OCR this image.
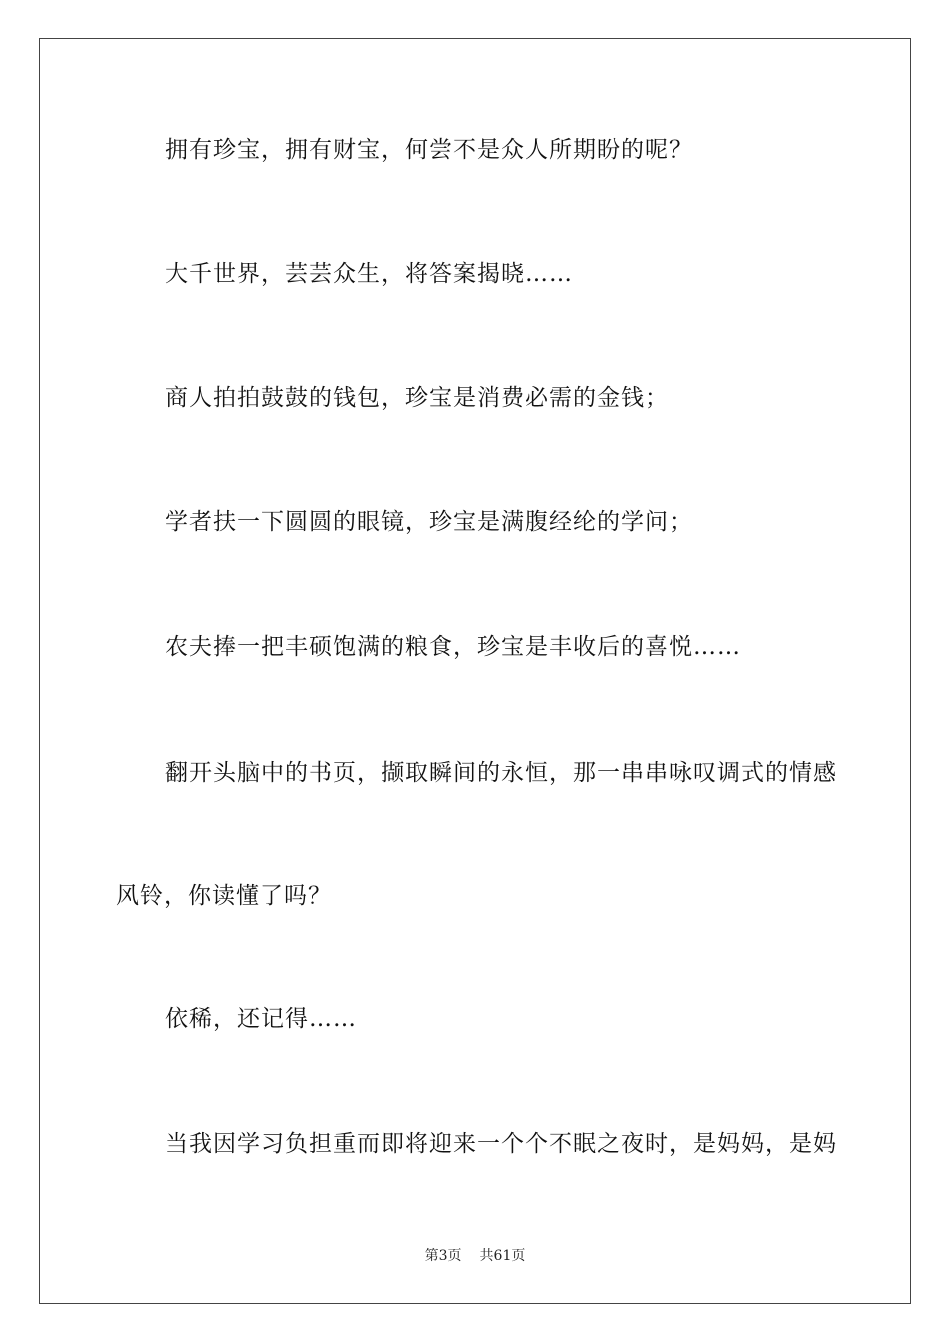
拥有珍宝，拥有财宝，何尝不是众人所期盼的呢？

大千世界，芸芸众生，将答案揭晓……

商人拍拍鼓鼓的钱包，珍宝是消费必需的金钱；

学者扶一下圆圆的眼镜，珍宝是满腹经纶的学问；

农夫捧一把丰硕饱满的粮食，珍宝是丰收后的喜悦……

翻开头脑中的书页，撷取瞬间的永恒，那一串串咏叹调式的情感

风铃，你读懂了吗？

依稀，还记得……

当我因学习负担重而即将迎来一个个不眠之夜时，是妈妈，是妈

第3页 共61页
